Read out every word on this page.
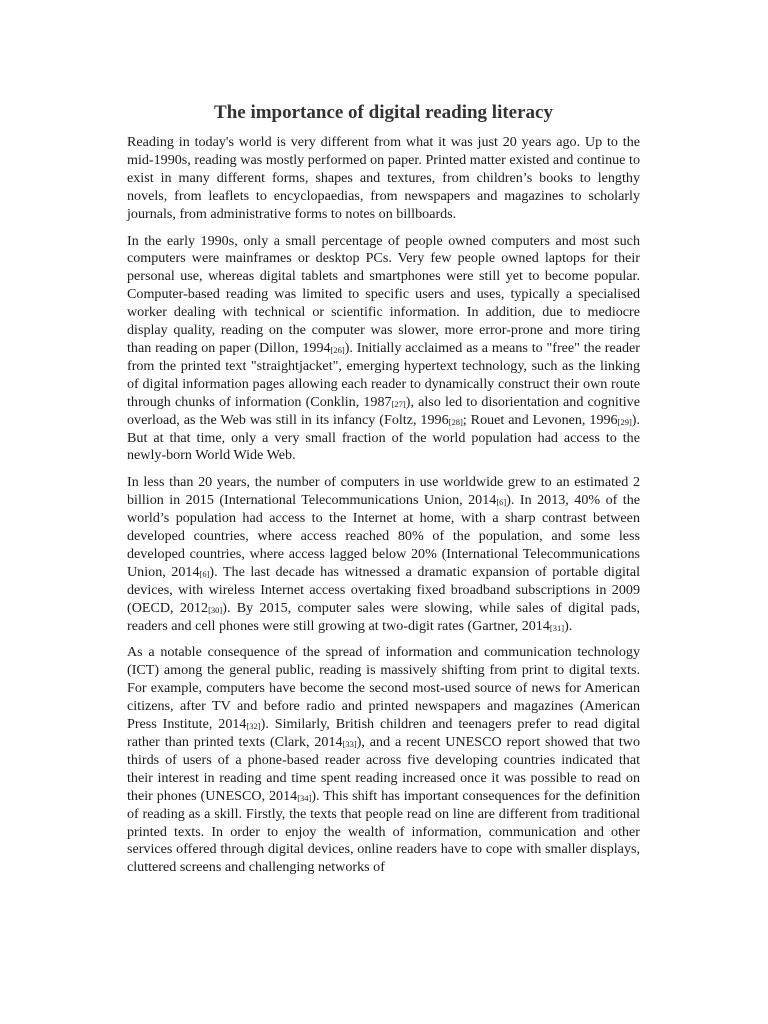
The importance of digital reading literacy

Reading in today's world is very different from what it was just 20 years ago. Up to the mid-1990s, reading was mostly performed on paper. Printed matter existed and continue to exist in many different forms, shapes and textures, from children’s books to lengthy novels, from leaflets to encyclopaedias, from newspapers and magazines to scholarly journals, from administrative forms to notes on billboards.

In the early 1990s, only a small percentage of people owned computers and most such computers were mainframes or desktop PCs. Very few people owned laptops for their personal use, whereas digital tablets and smartphones were still yet to become popular. Computer-based reading was limited to specific users and uses, typically a specialised worker dealing with technical or scientific information. In addition, due to mediocre display quality, reading on the computer was slower, more error-prone and more tiring than reading on paper (Dillon, 1994[26]). Initially acclaimed as a means to "free" the reader from the printed text "straightjacket", emerging hypertext technology, such as the linking of digital information pages allowing each reader to dynamically construct their own route through chunks of information (Conklin, 1987[27]), also led to disorientation and cognitive overload, as the Web was still in its infancy (Foltz, 1996[28]; Rouet and Levonen, 1996[29]). But at that time, only a very small fraction of the world population had access to the newly-born World Wide Web.

In less than 20 years, the number of computers in use worldwide grew to an estimated 2 billion in 2015 (International Telecommunications Union, 2014[6]). In 2013, 40% of the world’s population had access to the Internet at home, with a sharp contrast between developed countries, where access reached 80% of the population, and some less developed countries, where access lagged below 20% (International Telecommunications Union, 2014[6]). The last decade has witnessed a dramatic expansion of portable digital devices, with wireless Internet access overtaking fixed broadband subscriptions in 2009 (OECD, 2012[30]). By 2015, computer sales were slowing, while sales of digital pads, readers and cell phones were still growing at two-digit rates (Gartner, 2014[31]).

As a notable consequence of the spread of information and communication technology (ICT) among the general public, reading is massively shifting from print to digital texts. For example, computers have become the second most-used source of news for American citizens, after TV and before radio and printed newspapers and magazines (American Press Institute, 2014[32]). Similarly, British children and teenagers prefer to read digital rather than printed texts (Clark, 2014[33]), and a recent UNESCO report showed that two thirds of users of a phone-based reader across five developing countries indicated that their interest in reading and time spent reading increased once it was possible to read on their phones (UNESCO, 2014[34]). This shift has important consequences for the definition of reading as a skill. Firstly, the texts that people read on line are different from traditional printed texts. In order to enjoy the wealth of information, communication and other services offered through digital devices, online readers have to cope with smaller displays, cluttered screens and challenging networks of
